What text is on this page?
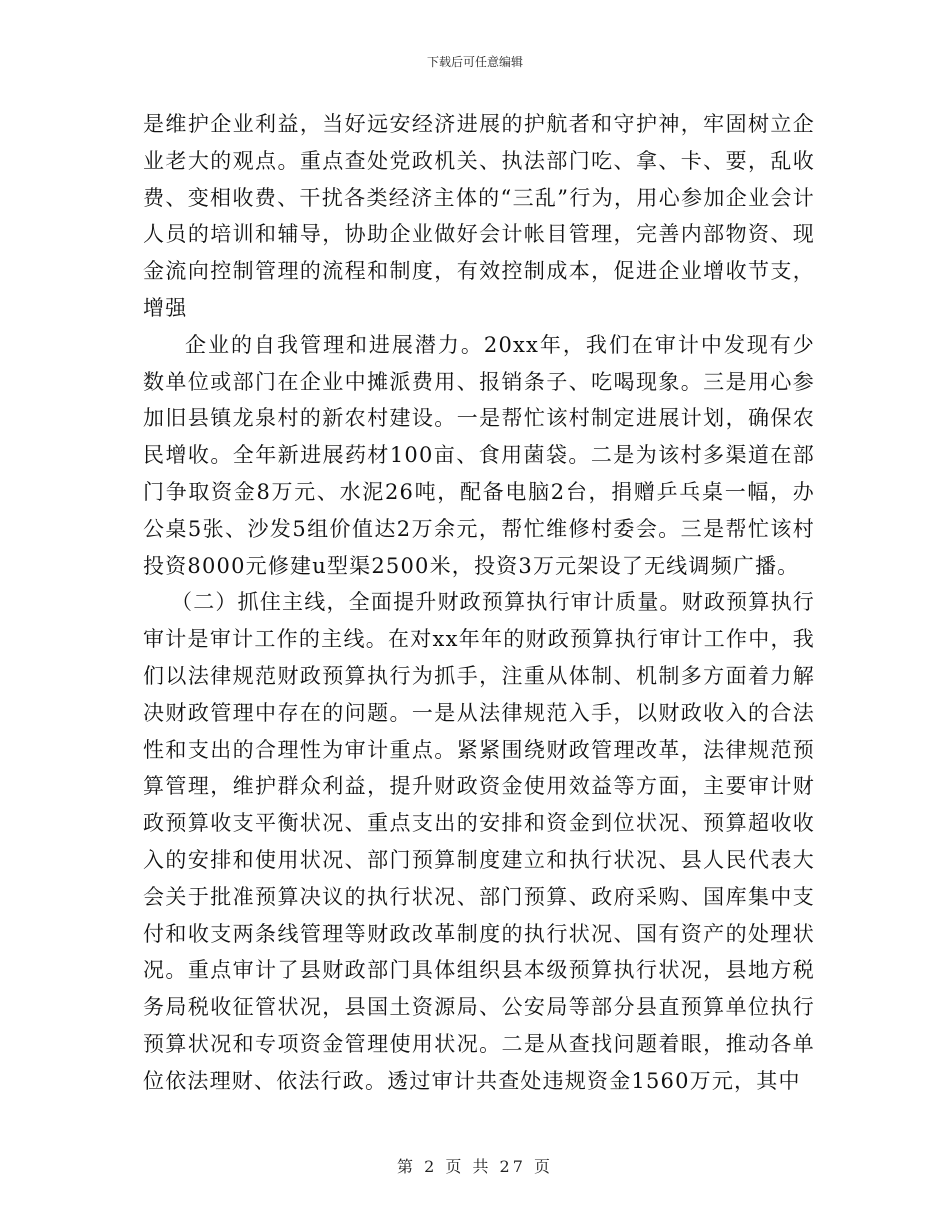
下载后可任意编辑

是维护企业利益，当好远安经济进展的护航者和守护神，牢固树立企业老大的观点。重点查处党政机关、执法部门吃、拿、卡、要，乱收费、变相收费、干扰各类经济主体的“三乱”行为，用心参加企业会计人员的培训和辅导，协助企业做好会计帐目管理，完善内部物资、现金流向控制管理的流程和制度，有效控制成本，促进企业增收节支，增强

企业的自我管理和进展潜力。20xx年，我们在审计中发现有少数单位或部门在企业中摊派费用、报销条子、吃喝现象。三是用心参加旧县镇龙泉村的新农村建设。一是帮忙该村制定进展计划，确保农民增收。全年新进展药材100亩、食用菌袋。二是为该村多渠道在部门争取资金8万元、水泥26吨，配备电脑2台，捐赠乒乓桌一幅，办公桌5张、沙发5组价值达2万余元，帮忙维修村委会。三是帮忙该村投资8000元修建u型渠2500米，投资3万元架设了无线调频广播。

（二）抓住主线，全面提升财政预算执行审计质量。财政预算执行审计是审计工作的主线。在对xx年年的财政预算执行审计工作中，我们以法律规范财政预算执行为抓手，注重从体制、机制多方面着力解决财政管理中存在的问题。一是从法律规范入手，以财政收入的合法性和支出的合理性为审计重点。紧紧围绕财政管理改革，法律规范预算管理，维护群众利益，提升财政资金使用效益等方面，主要审计财政预算收支平衡状况、重点支出的安排和资金到位状况、预算超收收入的安排和使用状况、部门预算制度建立和执行状况、县人民代表大会关于批准预算决议的执行状况、部门预算、政府采购、国库集中支付和收支两条线管理等财政改革制度的执行状况、国有资产的处理状况。重点审计了县财政部门具体组织县本级预算执行状况，县地方税务局税收征管状况，县国土资源局、公安局等部分县直预算单位执行预算状况和专项资金管理使用状况。二是从查找问题着眼，推动各单位依法理财、依法行政。透过审计共查处违规资金1560万元，其中

第 2 页 共 27 页
